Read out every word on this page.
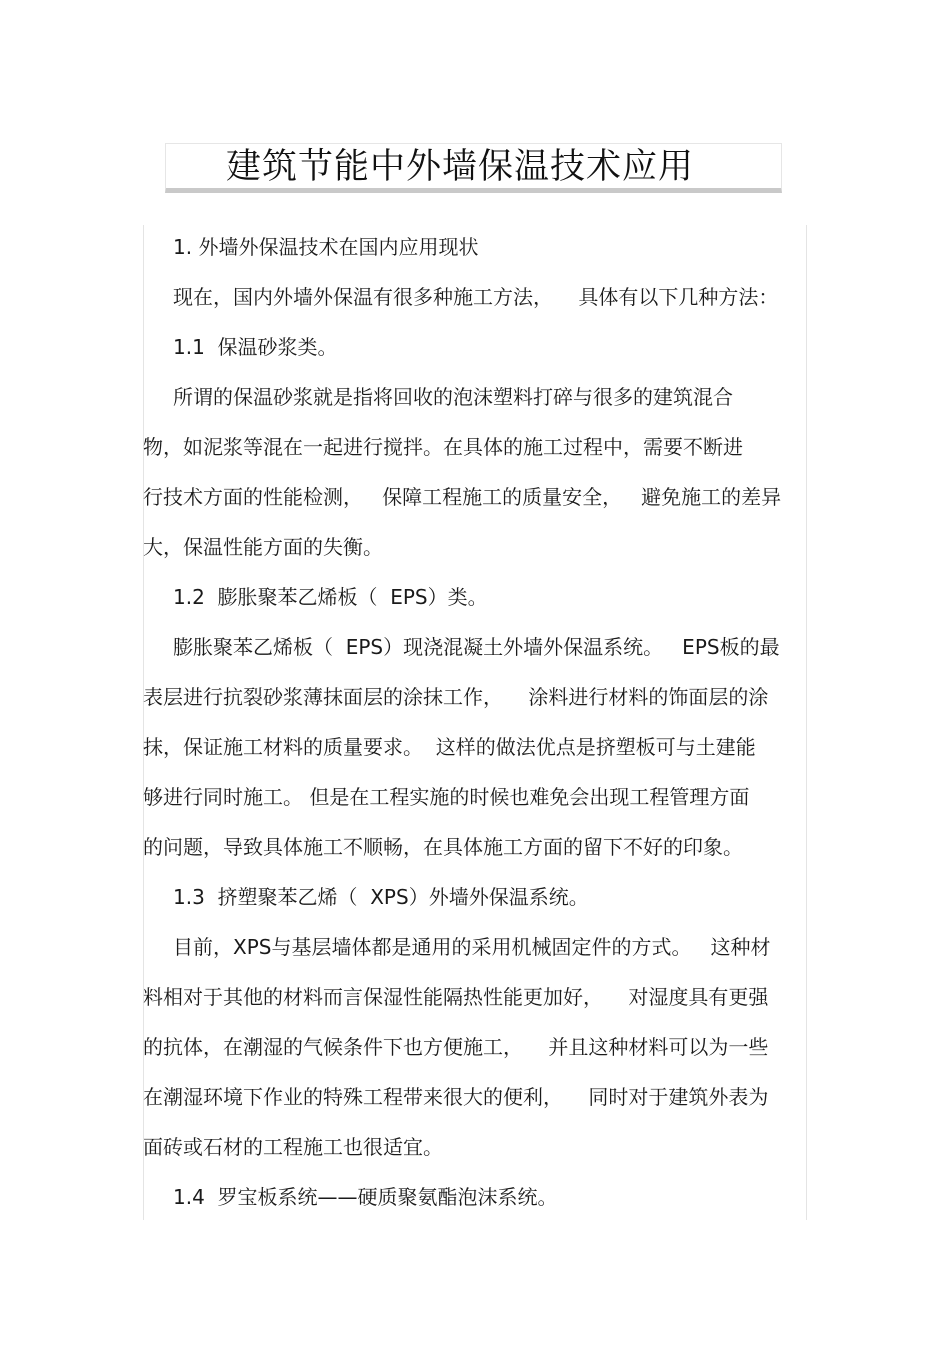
建筑节能中外墙保温技术应用
1. 外墙外保温技术在国内应用现状
现在，国内外墙外保温有很多种施工方法，    具体有以下几种方法：
1.1  保温砂浆类。
所谓的保温砂浆就是指将回收的泡沫塑料打碎与很多的建筑混合
物，如泥浆等混在一起进行搅拌。在具体的施工过程中，需要不断进
行技术方面的性能检测，   保障工程施工的质量安全，   避免施工的差异
大，保温性能方面的失衡。
1.2  膨胀聚苯乙烯板（  EPS）类。
膨胀聚苯乙烯板（  EPS）现浇混凝土外墙外保温系统。   EPS板的最
表层进行抗裂砂浆薄抹面层的涂抹工作，    涂料进行材料的饰面层的涂
抹，保证施工材料的质量要求。  这样的做法优点是挤塑板可与土建能
够进行同时施工。 但是在工程实施的时候也难免会出现工程管理方面
的问题，导致具体施工不顺畅，在具体施工方面的留下不好的印象。
1.3  挤塑聚苯乙烯（  XPS）外墙外保温系统。
目前，XPS与基层墙体都是通用的采用机械固定件的方式。   这种材
料相对于其他的材料而言保湿性能隔热性能更加好，    对湿度具有更强
的抗体，在潮湿的气候条件下也方便施工，    并且这种材料可以为一些
在潮湿环境下作业的特殊工程带来很大的便利，    同时对于建筑外表为
面砖或石材的工程施工也很适宜。
1.4  罗宝板系统——硬质聚氨酯泡沫系统。
